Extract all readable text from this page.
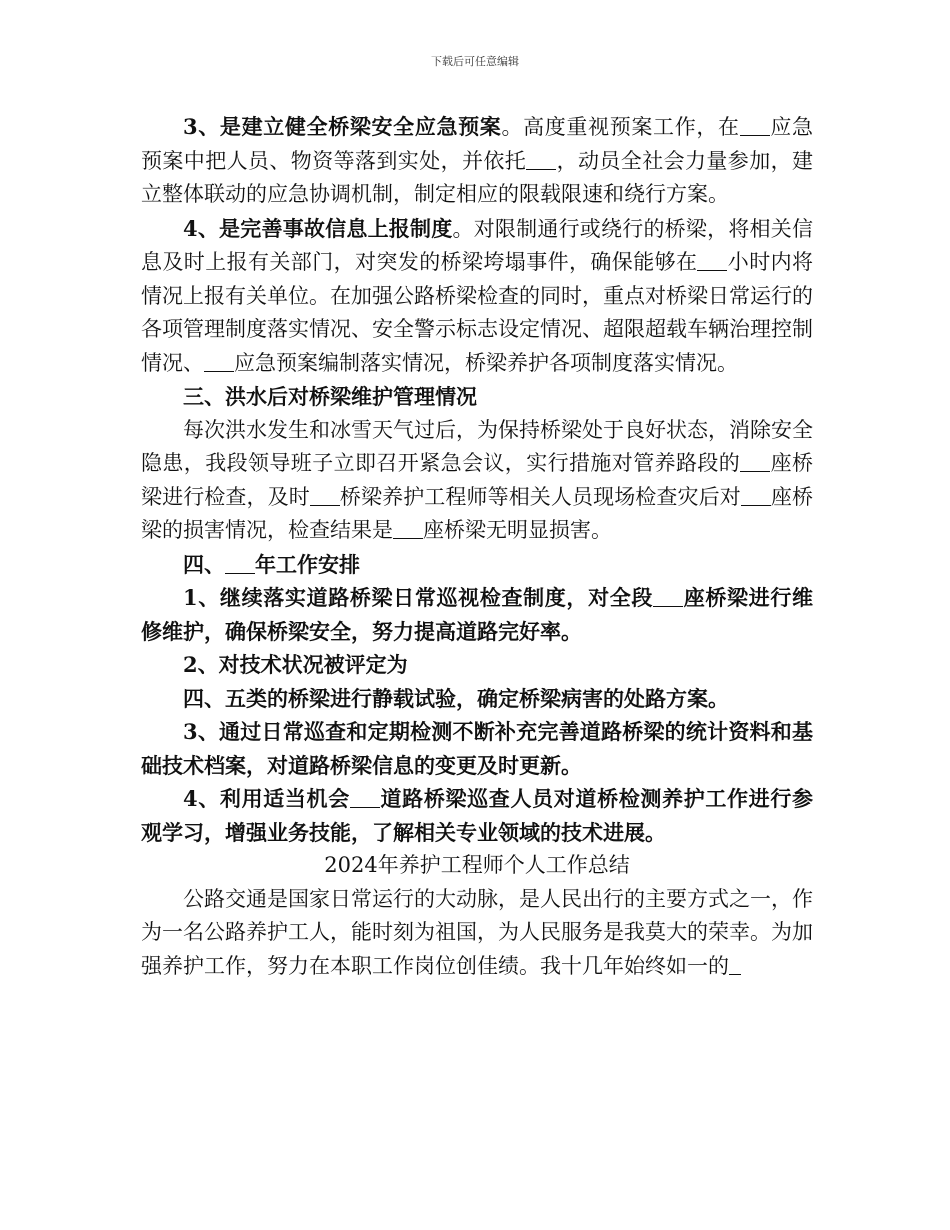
下载后可任意编辑

3、是建立健全桥梁安全应急预案。高度重视预案工作，在 应急预案中把人员、物资等落到实处，并依托 ，动员全社会力量参加，建立整体联动的应急协调机制，制定相应的限载限速和绕行方案。

4、是完善事故信息上报制度。对限制通行或绕行的桥梁，将相关信息及时上报有关部门，对突发的桥梁垮塌事件，确保能够在 小时内将情况上报有关单位。在加强公路桥梁检查的同时，重点对桥梁日常运行的各项管理制度落实情况、安全警示标志设定情况、超限超载车辆治理控制情况、 应急预案编制落实情况，桥梁养护各项制度落实情况。

三、洪水后对桥梁维护管理情况

每次洪水发生和冰雪天气过后，为保持桥梁处于良好状态，消除安全隐患，我段领导班子立即召开紧急会议，实行措施对管养路段的 座桥梁进行检查，及时 桥梁养护工程师等相关人员现场检查灾后对 座桥梁的损害情况，检查结果是 座桥梁无明显损害。

四、 年工作安排

1、继续落实道路桥梁日常巡视检查制度，对全段 座桥梁进行维修维护，确保桥梁安全，努力提高道路完好率。

2、对技术状况被评定为

四、五类的桥梁进行静载试验，确定桥梁病害的处路方案。

3、通过日常巡查和定期检测不断补充完善道路桥梁的统计资料和基础技术档案，对道路桥梁信息的变更及时更新。

4、利用适当机会 道路桥梁巡查人员对道桥检测养护工作进行参观学习，增强业务技能，了解相关专业领域的技术进展。

2024年养护工程师个人工作总结

公路交通是国家日常运行的大动脉，是人民出行的主要方式之一，作为一名公路养护工人，能时刻为祖国，为人民服务是我莫大的荣幸。为加强养护工作，努力在本职工作岗位创佳绩。我十几年始终如一的
